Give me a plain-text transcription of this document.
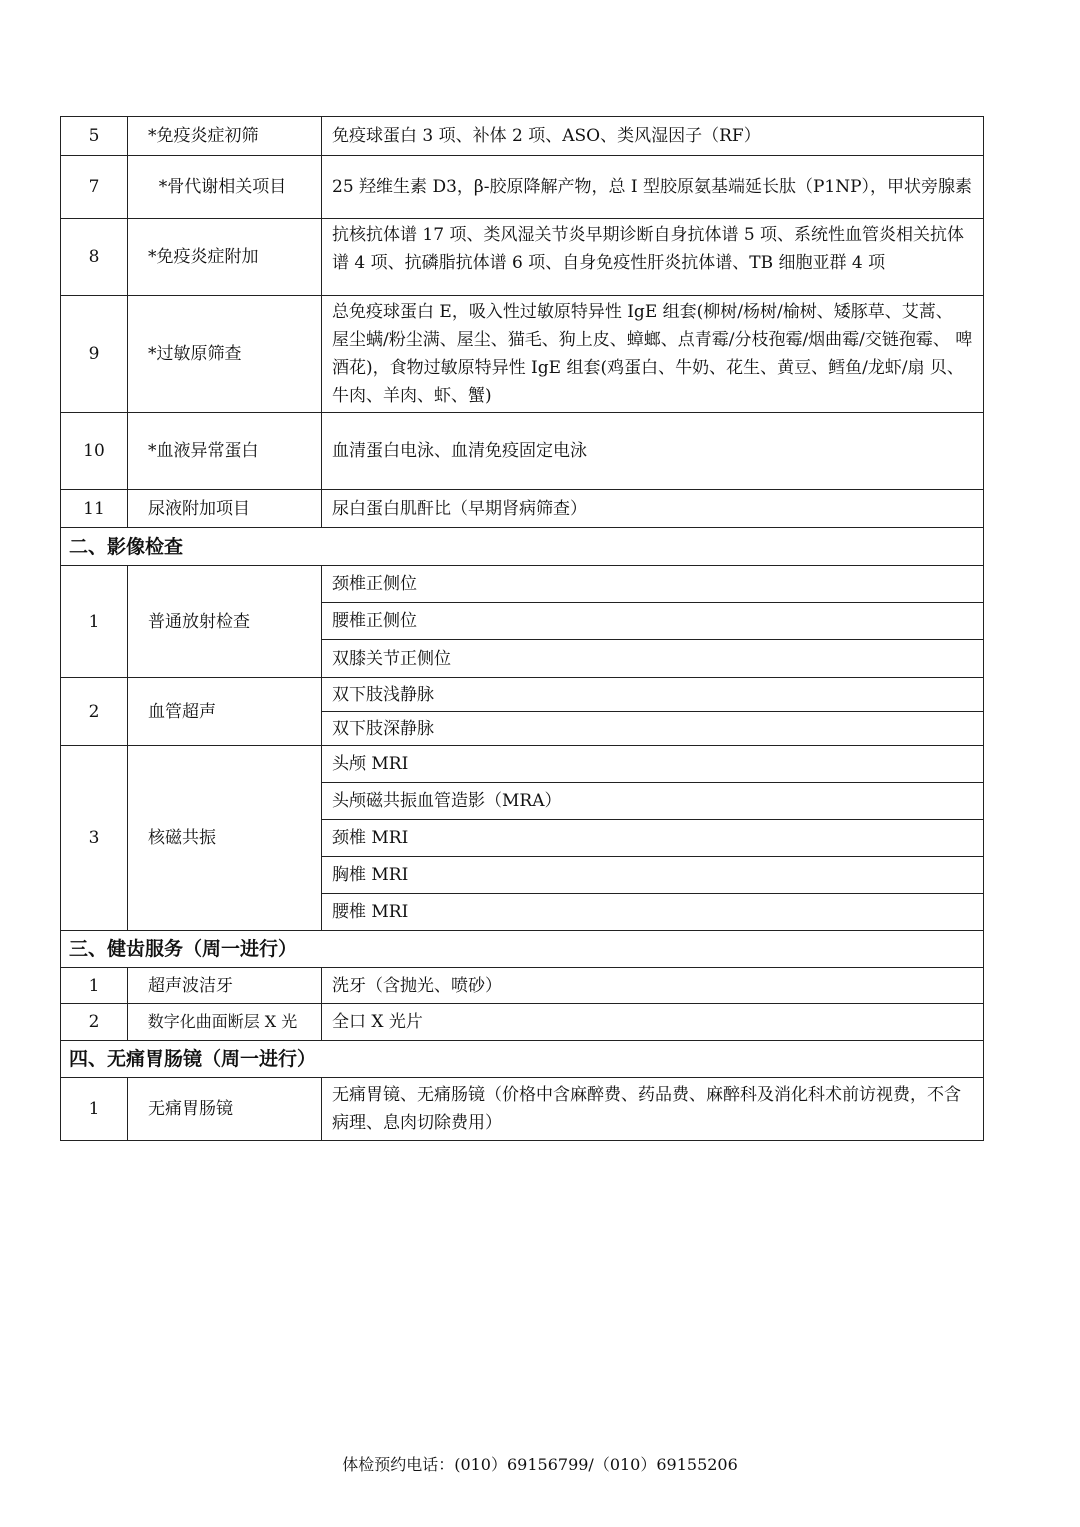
5	*免疫炎症初筛	免疫球蛋白 3 项、补体 2 项、ASO、类风湿因子（RF）
7	*骨代谢相关项目	25 羟维生素 D3，β-胶原降解产物，总 I 型胶原氨基端延长肽（P1NP），甲状旁腺素
8	*免疫炎症附加	抗核抗体谱 17 项、类风湿关节炎早期诊断自身抗体谱 5 项、系统性血管炎相关抗体谱 4 项、抗磷脂抗体谱 6 项、自身免疫性肝炎抗体谱、TB 细胞亚群 4 项

9	*过敏原筛查	总免疫球蛋白 E，吸入性过敏原特异性 IgE 组套(柳树/杨树/榆树、矮豚草、艾蒿、 屋尘螨/粉尘满、屋尘、猫毛、狗上皮、蟑螂、点青霉/分枝孢霉/烟曲霉/交链孢霉、 啤酒花)，食物过敏原特异性 IgE 组套(鸡蛋白、牛奶、花生、黄豆、鳕鱼/龙虾/扇 贝、牛肉、羊肉、虾、蟹)
10	*血液异常蛋白	血清蛋白电泳、血清免疫固定电泳
11	尿液附加项目	尿白蛋白肌酐比（早期肾病筛查）
二、影像检查		
1	普通放射检查	颈椎正侧位
		腰椎正侧位
		双膝关节正侧位
2	血管超声	双下肢浅静脉
		双下肢深静脉
3	核磁共振	头颅 MRI
		头颅磁共振血管造影（MRA）
		颈椎 MRI
		胸椎 MRI
		腰椎 MRI
三、健齿服务（周一进行）		
1	超声波洁牙	洗牙（含抛光、喷砂）
2	数字化曲面断层 X 光	全口 X 光片
四、无痛胃肠镜（周一进行）		
1	无痛胃肠镜	无痛胃镜、无痛肠镜（价格中含麻醉费、药品费、麻醉科及消化科术前访视费，不含病理、息肉切除费用）
体检预约电话：(010）69156799/（010）69155206
